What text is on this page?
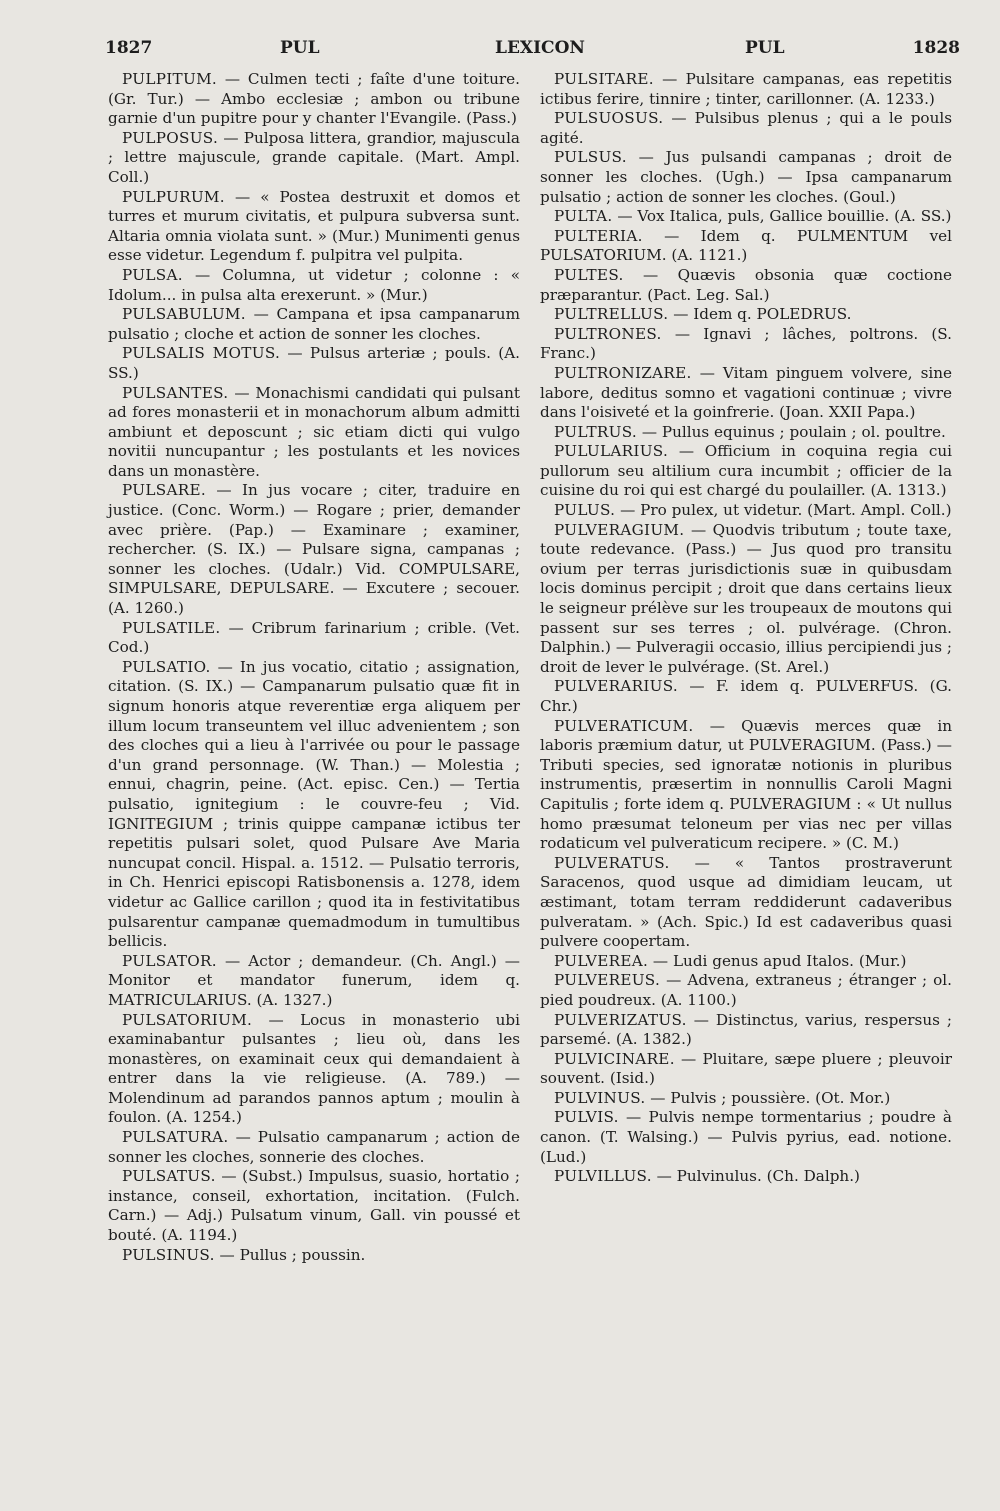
1827	PUL	LEXICON	PUL	1828

PULPITUM. — Culmen tecti ; faîte d'une toiture. (Gr. Tur.) — Ambo ecclesiæ ; ambon ou tribune garnie d'un pupitre pour y chanter l'Evangile. (Pass.)

PULPOSUS. — Pulposa littera, grandior, majuscula ; lettre majuscule, grande capitale. (Mart. Ampl. Coll.)

PULPURUM. — « Postea destruxit et domos et turres et murum civitatis, et pulpura subversa sunt. Altaria omnia violata sunt. » (Mur.) Munimenti genus esse videtur. Legendum f. pulpitra vel pulpita.

PULSA. — Columna, ut videtur ; colonne : « Idolum... in pulsa alta erexerunt. » (Mur.)

PULSABULUM. — Campana et ipsa campanarum pulsatio ; cloche et action de sonner les cloches.

PULSALIS MOTUS. — Pulsus arteriæ ; pouls. (A. SS.)

PULSANTES. — Monachismi candidati qui pulsant ad fores monasterii et in monachorum album admitti ambiunt et deposcunt ; sic etiam dicti qui vulgo novitii nuncupantur ; les postulants et les novices dans un monastère.

PULSARE. — In jus vocare ; citer, traduire en justice. (Conc. Worm.) — Rogare ; prier, demander avec prière. (Pap.) — Examinare ; examiner, rechercher. (S. IX.) — Pulsare signa, campanas ; sonner les cloches. (Udalr.) Vid. COMPULSARE, SIMPULSARE, DEPULSARE. — Excutere ; secouer. (A. 1260.)

PULSATILE. — Cribrum farinarium ; crible. (Vet. Cod.)

PULSATIO. — In jus vocatio, citatio ; assignation, citation. (S. IX.) — Campanarum pulsatio quæ fit in signum honoris atque reverentiæ erga aliquem per illum locum transeuntem vel illuc advenientem ; son des cloches qui a lieu à l'arrivée ou pour le passage d'un grand personnage. (W. Than.) — Molestia ; ennui, chagrin, peine. (Act. episc. Cen.) — Tertia pulsatio, ignitegium : le couvre-feu ; Vid. IGNITEGIUM ; trinis quippe campanæ ictibus ter repetitis pulsari solet, quod Pulsare Ave Maria nuncupat concil. Hispal. a. 1512. — Pulsatio terroris, in Ch. Henrici episcopi Ratisbonensis a. 1278, idem videtur ac Gallice carillon ; quod ita in festivitatibus pulsarentur campanæ quemadmodum in tumultibus bellicis.

PULSATOR. — Actor ; demandeur. (Ch. Angl.) — Monitor et mandator funerum, idem q. MATRICULARIUS. (A. 1327.)

PULSATORIUM. — Locus in monasterio ubi examinabantur pulsantes ; lieu où, dans les monastères, on examinait ceux qui demandaient à entrer dans la vie religieuse. (A. 789.) — Molendinum ad parandos pannos aptum ; moulin à foulon. (A. 1254.)

PULSATURA. — Pulsatio campanarum ; action de sonner les cloches, sonnerie des cloches.

PULSATUS. — (Subst.) Impulsus, suasio, hortatio ; instance, conseil, exhortation, incitation. (Fulch. Carn.) — Adj.) Pulsatum vinum, Gall. vin poussé et bouté. (A. 1194.)

PULSINUS. — Pullus ; poussin.

PULSITARE. — Pulsitare campanas, eas repetitis ictibus ferire, tinnire ; tinter, carillonner. (A. 1233.)

PULSUOSUS. — Pulsibus plenus ; qui a le pouls agité.

PULSUS. — Jus pulsandi campanas ; droit de sonner les cloches. (Ugh.) — Ipsa campanarum pulsatio ; action de sonner les cloches. (Goul.)

PULTA. — Vox Italica, puls, Gallice bouillie. (A. SS.)

PULTERIA. — Idem q. PULMENTUM vel PULSATORIUM. (A. 1121.)

PULTES. — Quævis obsonia quæ coctione præparantur. (Pact. Leg. Sal.)

PULTRELLUS. — Idem q. POLEDRUS.

PULTRONES. — Ignavi ; lâches, poltrons. (S. Franc.)

PULTRONIZARE. — Vitam pinguem volvere, sine labore, deditus somno et vagationi continuæ ; vivre dans l'oisiveté et la goinfrerie. (Joan. XXII Papa.)

PULTRUS. — Pullus equinus ; poulain ; ol. poultre.

PULULARIUS. — Officium in coquina regia cui pullorum seu altilium cura incumbit ; officier de la cuisine du roi qui est chargé du poulailler. (A. 1313.)

PULUS. — Pro pulex, ut videtur. (Mart. Ampl. Coll.)

PULVERAGIUM. — Quodvis tributum ; toute taxe, toute redevance. (Pass.) — Jus quod pro transitu ovium per terras jurisdictionis suæ in quibusdam locis dominus percipit ; droit que dans certains lieux le seigneur prélève sur les troupeaux de moutons qui passent sur ses terres ; ol. pulvérage. (Chron. Dalphin.) — Pulveragii occasio, illius percipiendi jus ; droit de lever le pulvérage. (St. Arel.)

PULVERARIUS. — F. idem q. PULVERFUS. (G. Chr.)

PULVERATICUM. — Quævis merces quæ in laboris præmium datur, ut PULVERAGIUM. (Pass.) — Tributi species, sed ignoratæ notionis in pluribus instrumentis, præsertim in nonnullis Caroli Magni Capitulis ; forte idem q. PULVERAGIUM : « Ut nullus homo præsumat teloneum per vias nec per villas rodaticum vel pulveraticum recipere. » (C. M.)

PULVERATUS. — « Tantos prostraverunt Saracenos, quod usque ad dimidiam leucam, ut æstimant, totam terram reddiderunt cadaveribus pulveratam. » (Ach. Spic.) Id est cadaveribus quasi pulvere coopertam.

PULVEREA. — Ludi genus apud Italos. (Mur.)

PULVEREUS. — Advena, extraneus ; étranger ; ol. pied poudreux. (A. 1100.)

PULVERIZATUS. — Distinctus, varius, respersus ; parsemé. (A. 1382.)

PULVICINARE. — Pluitare, sæpe pluere ; pleuvoir souvent. (Isid.)

PULVINUS. — Pulvis ; poussière. (Ot. Mor.)

PULVIS. — Pulvis nempe tormentarius ; poudre à canon. (T. Walsing.) — Pulvis pyrius, ead. notione. (Lud.)

PULVILLUS. — Pulvinulus. (Ch. Dalph.)
